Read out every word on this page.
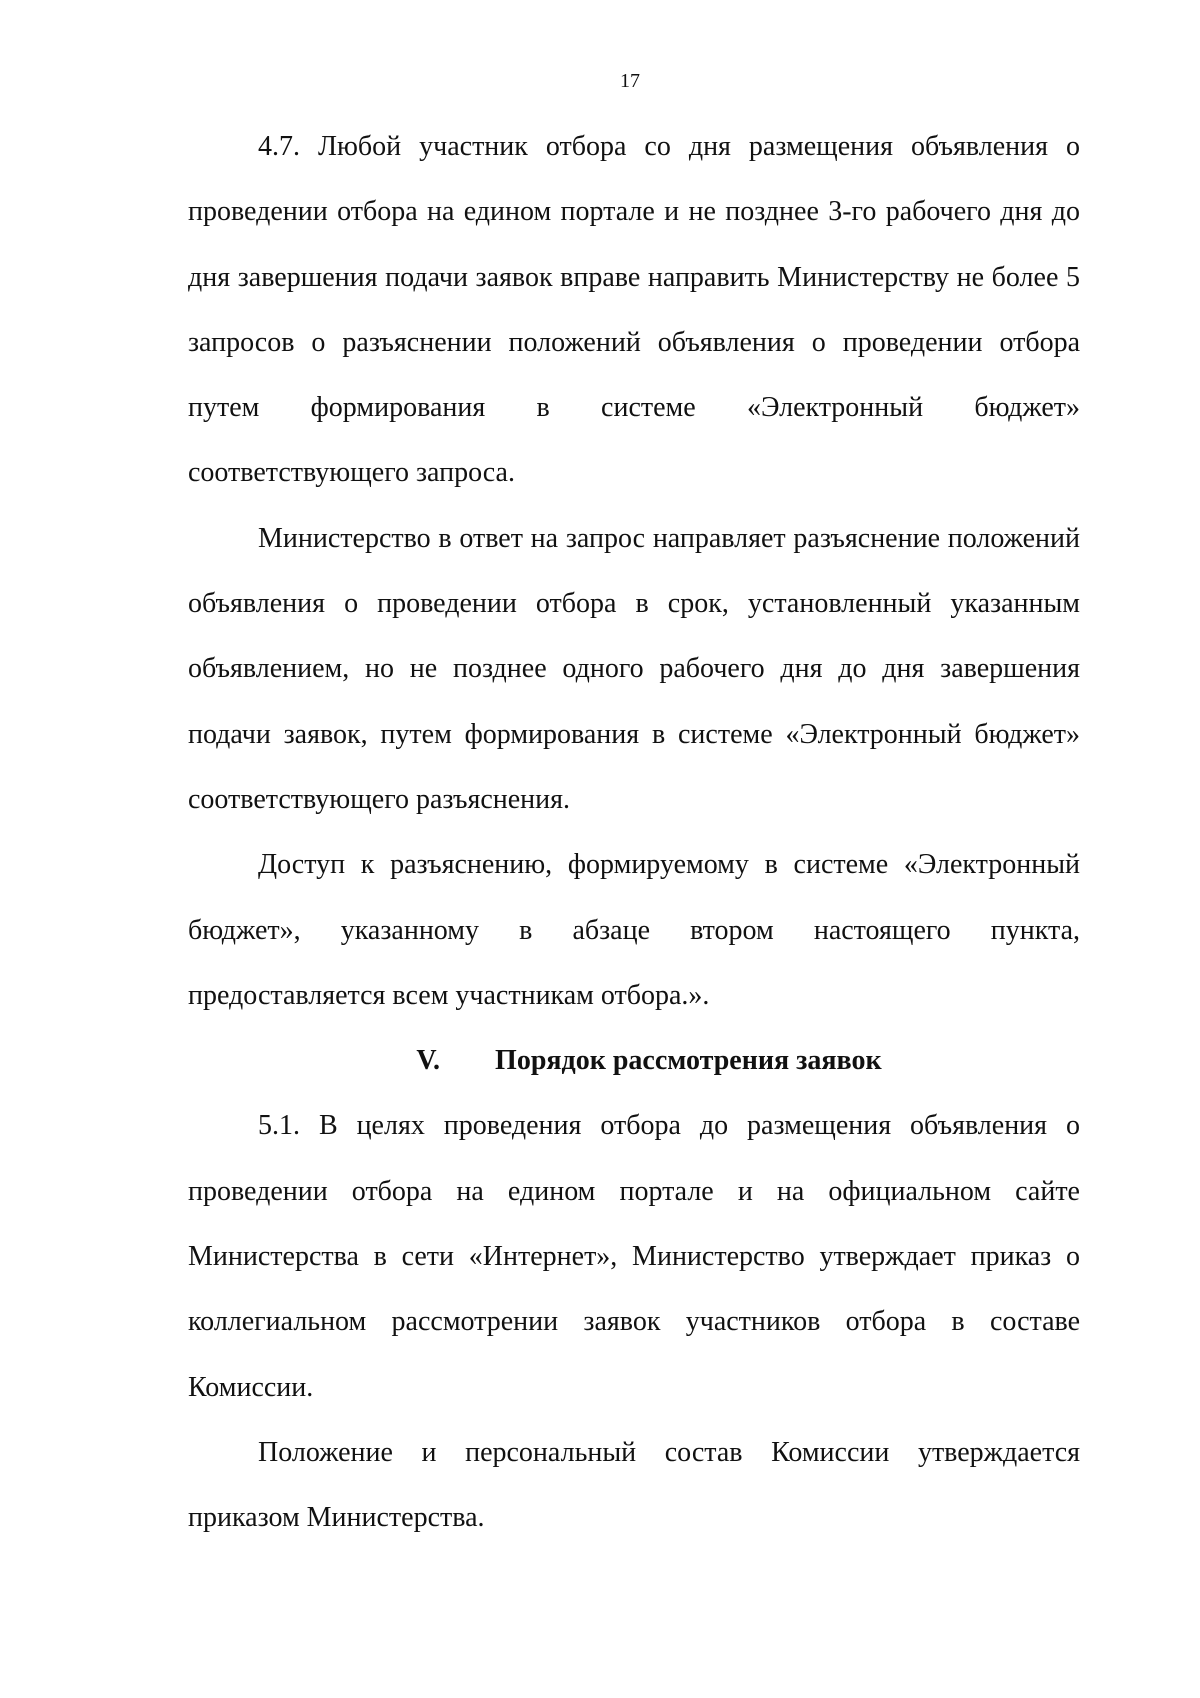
17

4.7. Любой участник отбора со дня размещения объявления о проведении отбора на едином портале и не позднее 3-го рабочего дня до дня завершения подачи заявок вправе направить Министерству не более 5 запросов о разъяснении положений объявления о проведении отбора путем формирования в системе «Электронный бюджет» соответствующего запроса.

Министерство в ответ на запрос направляет разъяснение положений объявления о проведении отбора в срок, установленный указанным объявлением, но не позднее одного рабочего дня до дня завершения подачи заявок, путем формирования в системе «Электронный бюджет» соответствующего разъяснения.

Доступ к разъяснению, формируемому в системе «Электронный бюджет», указанному в абзаце втором настоящего пункта, предоставляется всем участникам отбора.».

V. Порядок рассмотрения заявок

5.1. В целях проведения отбора до размещения объявления о проведении отбора на едином портале и на официальном сайте Министерства в сети «Интернет», Министерство утверждает приказ о коллегиальном рассмотрении заявок участников отбора в составе Комиссии.

Положение и персональный состав Комиссии утверждается приказом Министерства.
